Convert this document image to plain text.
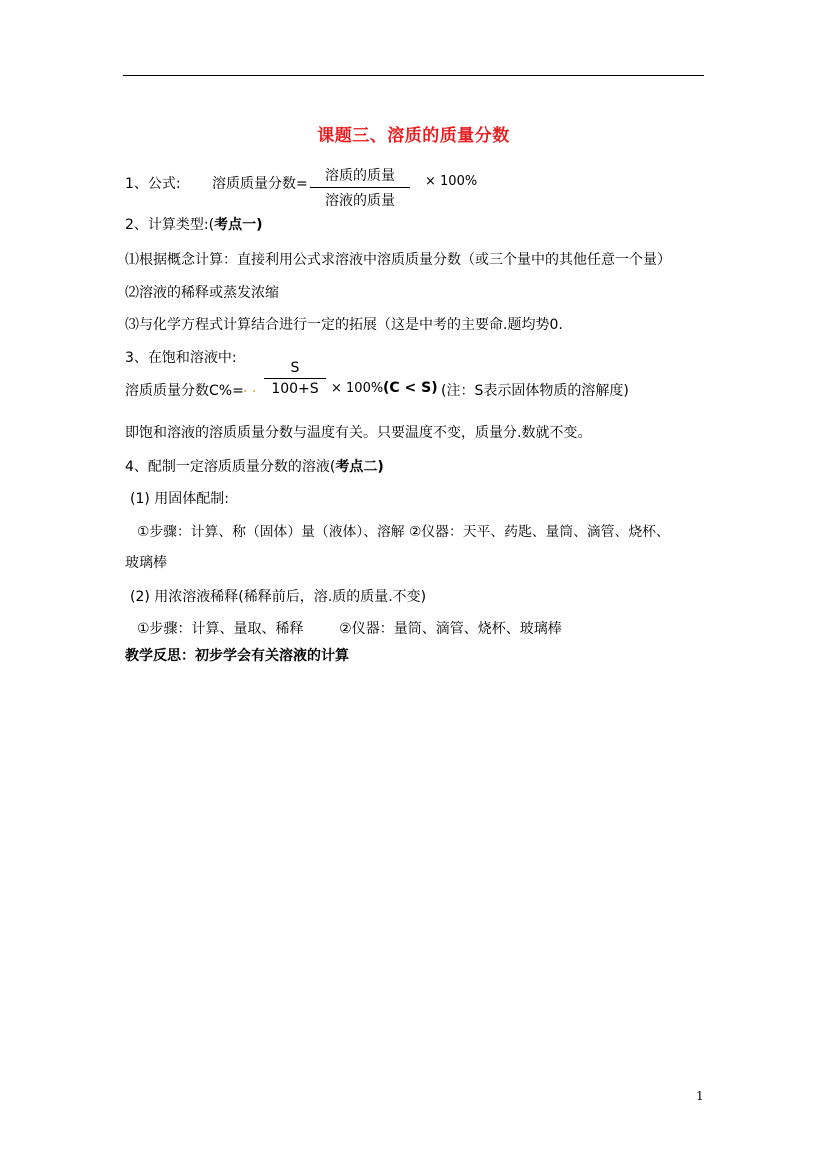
课题三、溶质的质量分数
1、公式: 溶质质量分数=	溶质的质量
溶液的质量
× 100%
2、计算类型:(考点一)
⑴根据概念计算：直接利用公式求溶液中溶质质量分数（或三个量中的其他任意一个量）
⑵溶液的稀释或蒸发浓缩
⑶与化学方程式计算结合进行一定的拓展（这是中考的主要命.题均势0.
3、在饱和溶液中:
溶质质量分数C%= . .
S
100+S × 100% (C < S) (注：S表示固体物质的溶解度)
即饱和溶液的溶质质量分数与温度有关。只要温度不变，质量分.数就不变。
4、配制一定溶质质量分数的溶液(考点二)
(1) 用固体配制:
①步骤：计算、称（固体）量（液体）、溶解 ②仪器：天平、药匙、量筒、滴管、烧杯、
玻璃棒
(2) 用浓溶液稀释(稀释前后，溶.质的质量.不变)
①步骤：计算、量取、稀释        ②仪器：量筒、滴管、烧杯、玻璃棒
教学反思：初步学会有关溶液的计算
1
